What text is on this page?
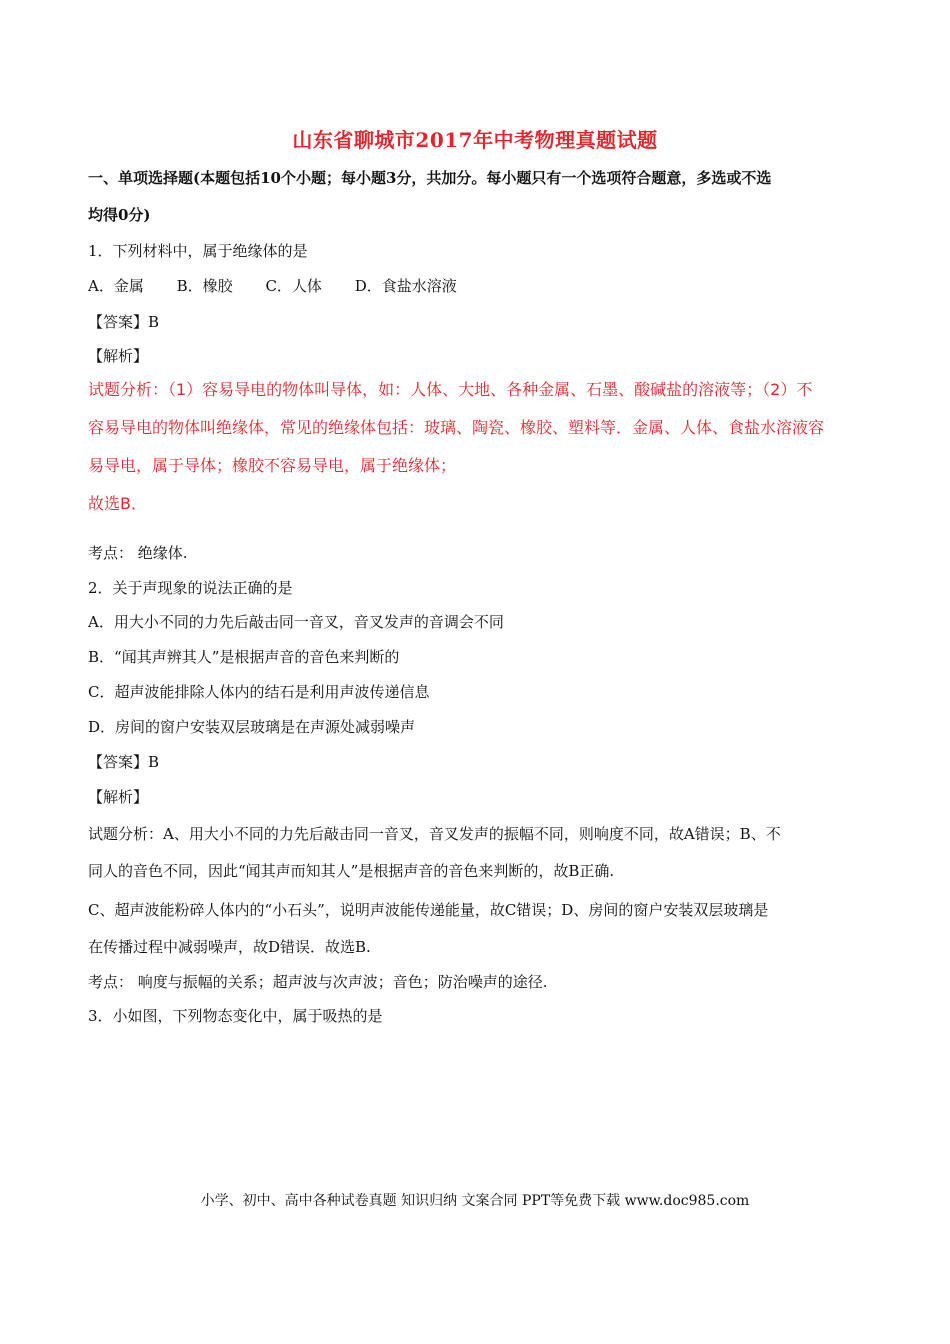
山东省聊城市2017年中考物理真题试题
一、单项选择题(本题包括10个小题；每小题3分，共加分。每小题只有一个选项符合题意，多选或不选
均得0分)
1．下列材料中，属于绝缘体的是
A．金属 B．橡胶 C．人体 D．食盐水溶液
【答案】B
【解析】
试题分析：（1）容易导电的物体叫导体，如：人体、大地、各种金属、石墨、酸碱盐的溶液等；（2）不
容易导电的物体叫绝缘体，常见的绝缘体包括：玻璃、陶瓷、橡胶、塑料等．金属、人体、食盐水溶液容
易导电，属于导体；橡胶不容易导电，属于绝缘体；
故选B．
考点： 绝缘体.
2．关于声现象的说法正确的是
A．用大小不同的力先后敲击同一音叉，音叉发声的音调会不同
B．“闻其声辨其人”是根据声音的音色来判断的
C．超声波能排除人体内的结石是利用声波传递信息
D．房间的窗户安装双层玻璃是在声源处减弱噪声
【答案】B
【解析】
试题分析：A、用大小不同的力先后敲击同一音叉，音叉发声的振幅不同，则响度不同，故A错误；B、不
同人的音色不同，因此“闻其声而知其人”是根据声音的音色来判断的，故B正确.
C、超声波能粉碎人体内的“小石头”，说明声波能传递能量，故C错误；D、房间的窗户安装双层玻璃是
在传播过程中减弱噪声，故D错误．故选B.
考点： 响度与振幅的关系；超声波与次声波；音色；防治噪声的途径.
3．小如图，下列物态变化中，属于吸热的是
小学、初中、高中各种试卷真题 知识归纳 文案合同 PPT等免费下载 www.doc985.com
